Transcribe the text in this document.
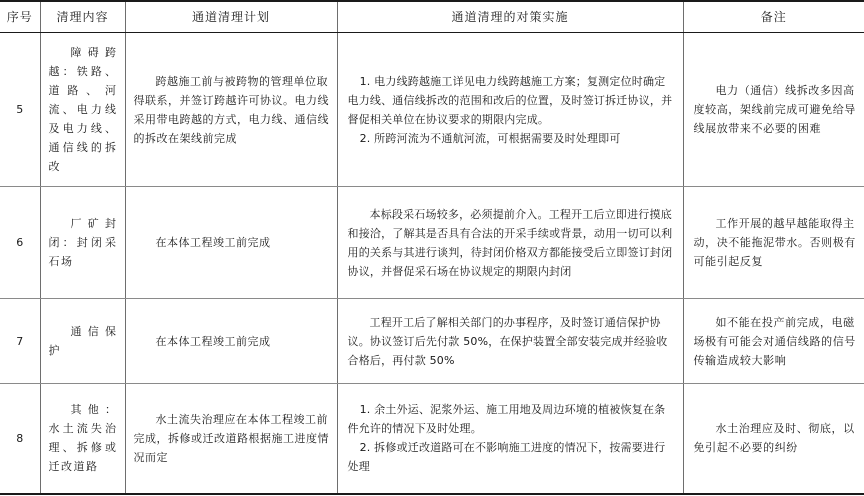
序号	清理内容	通道清理计划	通道清理的对策实施	备注
5	障碍跨越：铁路、道路、河流、电力线及电力线、通信线的拆改	跨越施工前与被跨物的管理单位取得联系，并签订跨越许可协议。电力线采用带电跨越的方式，电力线、通信线的拆改在架线前完成	1. 电力线跨越施工详见电力线跨越施工方案；复测定位时确定电力线、通信线拆改的范围和改后的位置，及时签订拆迁协议，并督促相关单位在协议要求的期限内完成。
2. 所跨河流为不通航河流，可根据需要及时处理即可	电力（通信）线拆改多因高度较高，架线前完成可避免给导线展放带来不必要的困难

6	厂矿封闭：封闭采石场	在本体工程竣工前完成	本标段采石场较多，必须提前介入。工程开工后立即进行摸底和接洽，了解其是否具有合法的开采手续或背景，动用一切可以利用的关系与其进行谈判，待封闭价格双方都能接受后立即签订封闭协议，并督促采石场在协议规定的期限内封闭	工作开展的越早越能取得主动，决不能拖泥带水。否则极有可能引起反复

7	通信保护	在本体工程竣工前完成	工程开工后了解相关部门的办事程序，及时签订通信保护协议。协议签订后先付款 50%，在保护装置全部安装完成并经验收合格后，再付款 50%	如不能在投产前完成，电磁场极有可能会对通信线路的信号传输造成较大影响

8	其他：水土流失治理、拆修或迁改道路	水土流失治理应在本体工程竣工前完成，拆修或迁改道路根据施工进度情况而定	1. 余土外运、泥浆外运、施工用地及周边环境的植被恢复在条件允许的情况下及时处理。
2. 拆修或迁改道路可在不影响施工进度的情况下，按需要进行处理	水土治理应及时、彻底，以免引起不必要的纠纷
